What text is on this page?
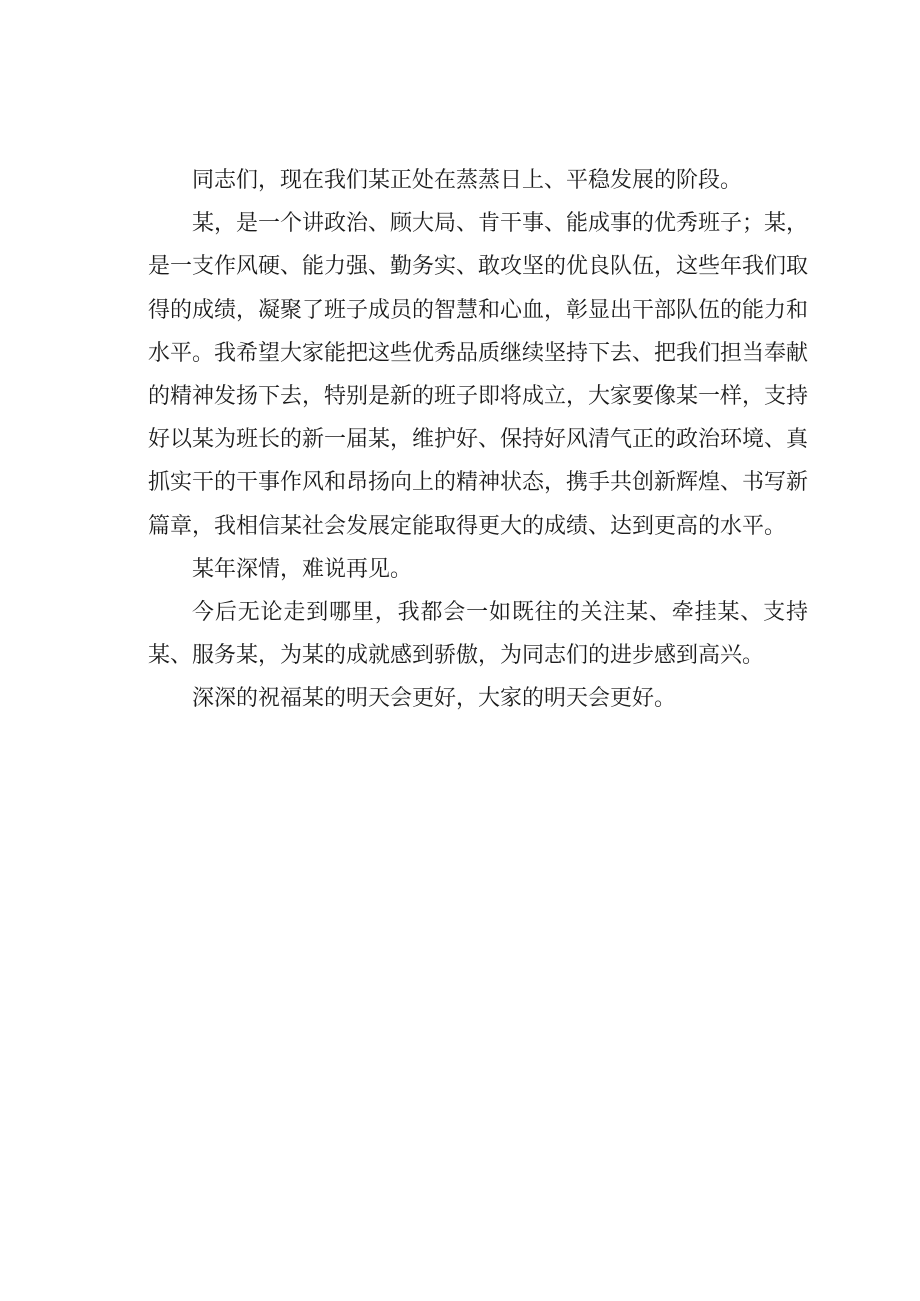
同志们，现在我们某正处在蒸蒸日上、平稳发展的阶段。

某，是一个讲政治、顾大局、肯干事、能成事的优秀班子；某，是一支作风硬、能力强、勤务实、敢攻坚的优良队伍，这些年我们取得的成绩，凝聚了班子成员的智慧和心血，彰显出干部队伍的能力和水平。我希望大家能把这些优秀品质继续坚持下去、把我们担当奉献的精神发扬下去，特别是新的班子即将成立，大家要像某一样，支持好以某为班长的新一届某，维护好、保持好风清气正的政治环境、真抓实干的干事作风和昂扬向上的精神状态，携手共创新辉煌、书写新篇章，我相信某社会发展定能取得更大的成绩、达到更高的水平。

某年深情，难说再见。

今后无论走到哪里，我都会一如既往的关注某、牵挂某、支持某、服务某，为某的成就感到骄傲，为同志们的进步感到高兴。

深深的祝福某的明天会更好，大家的明天会更好。
